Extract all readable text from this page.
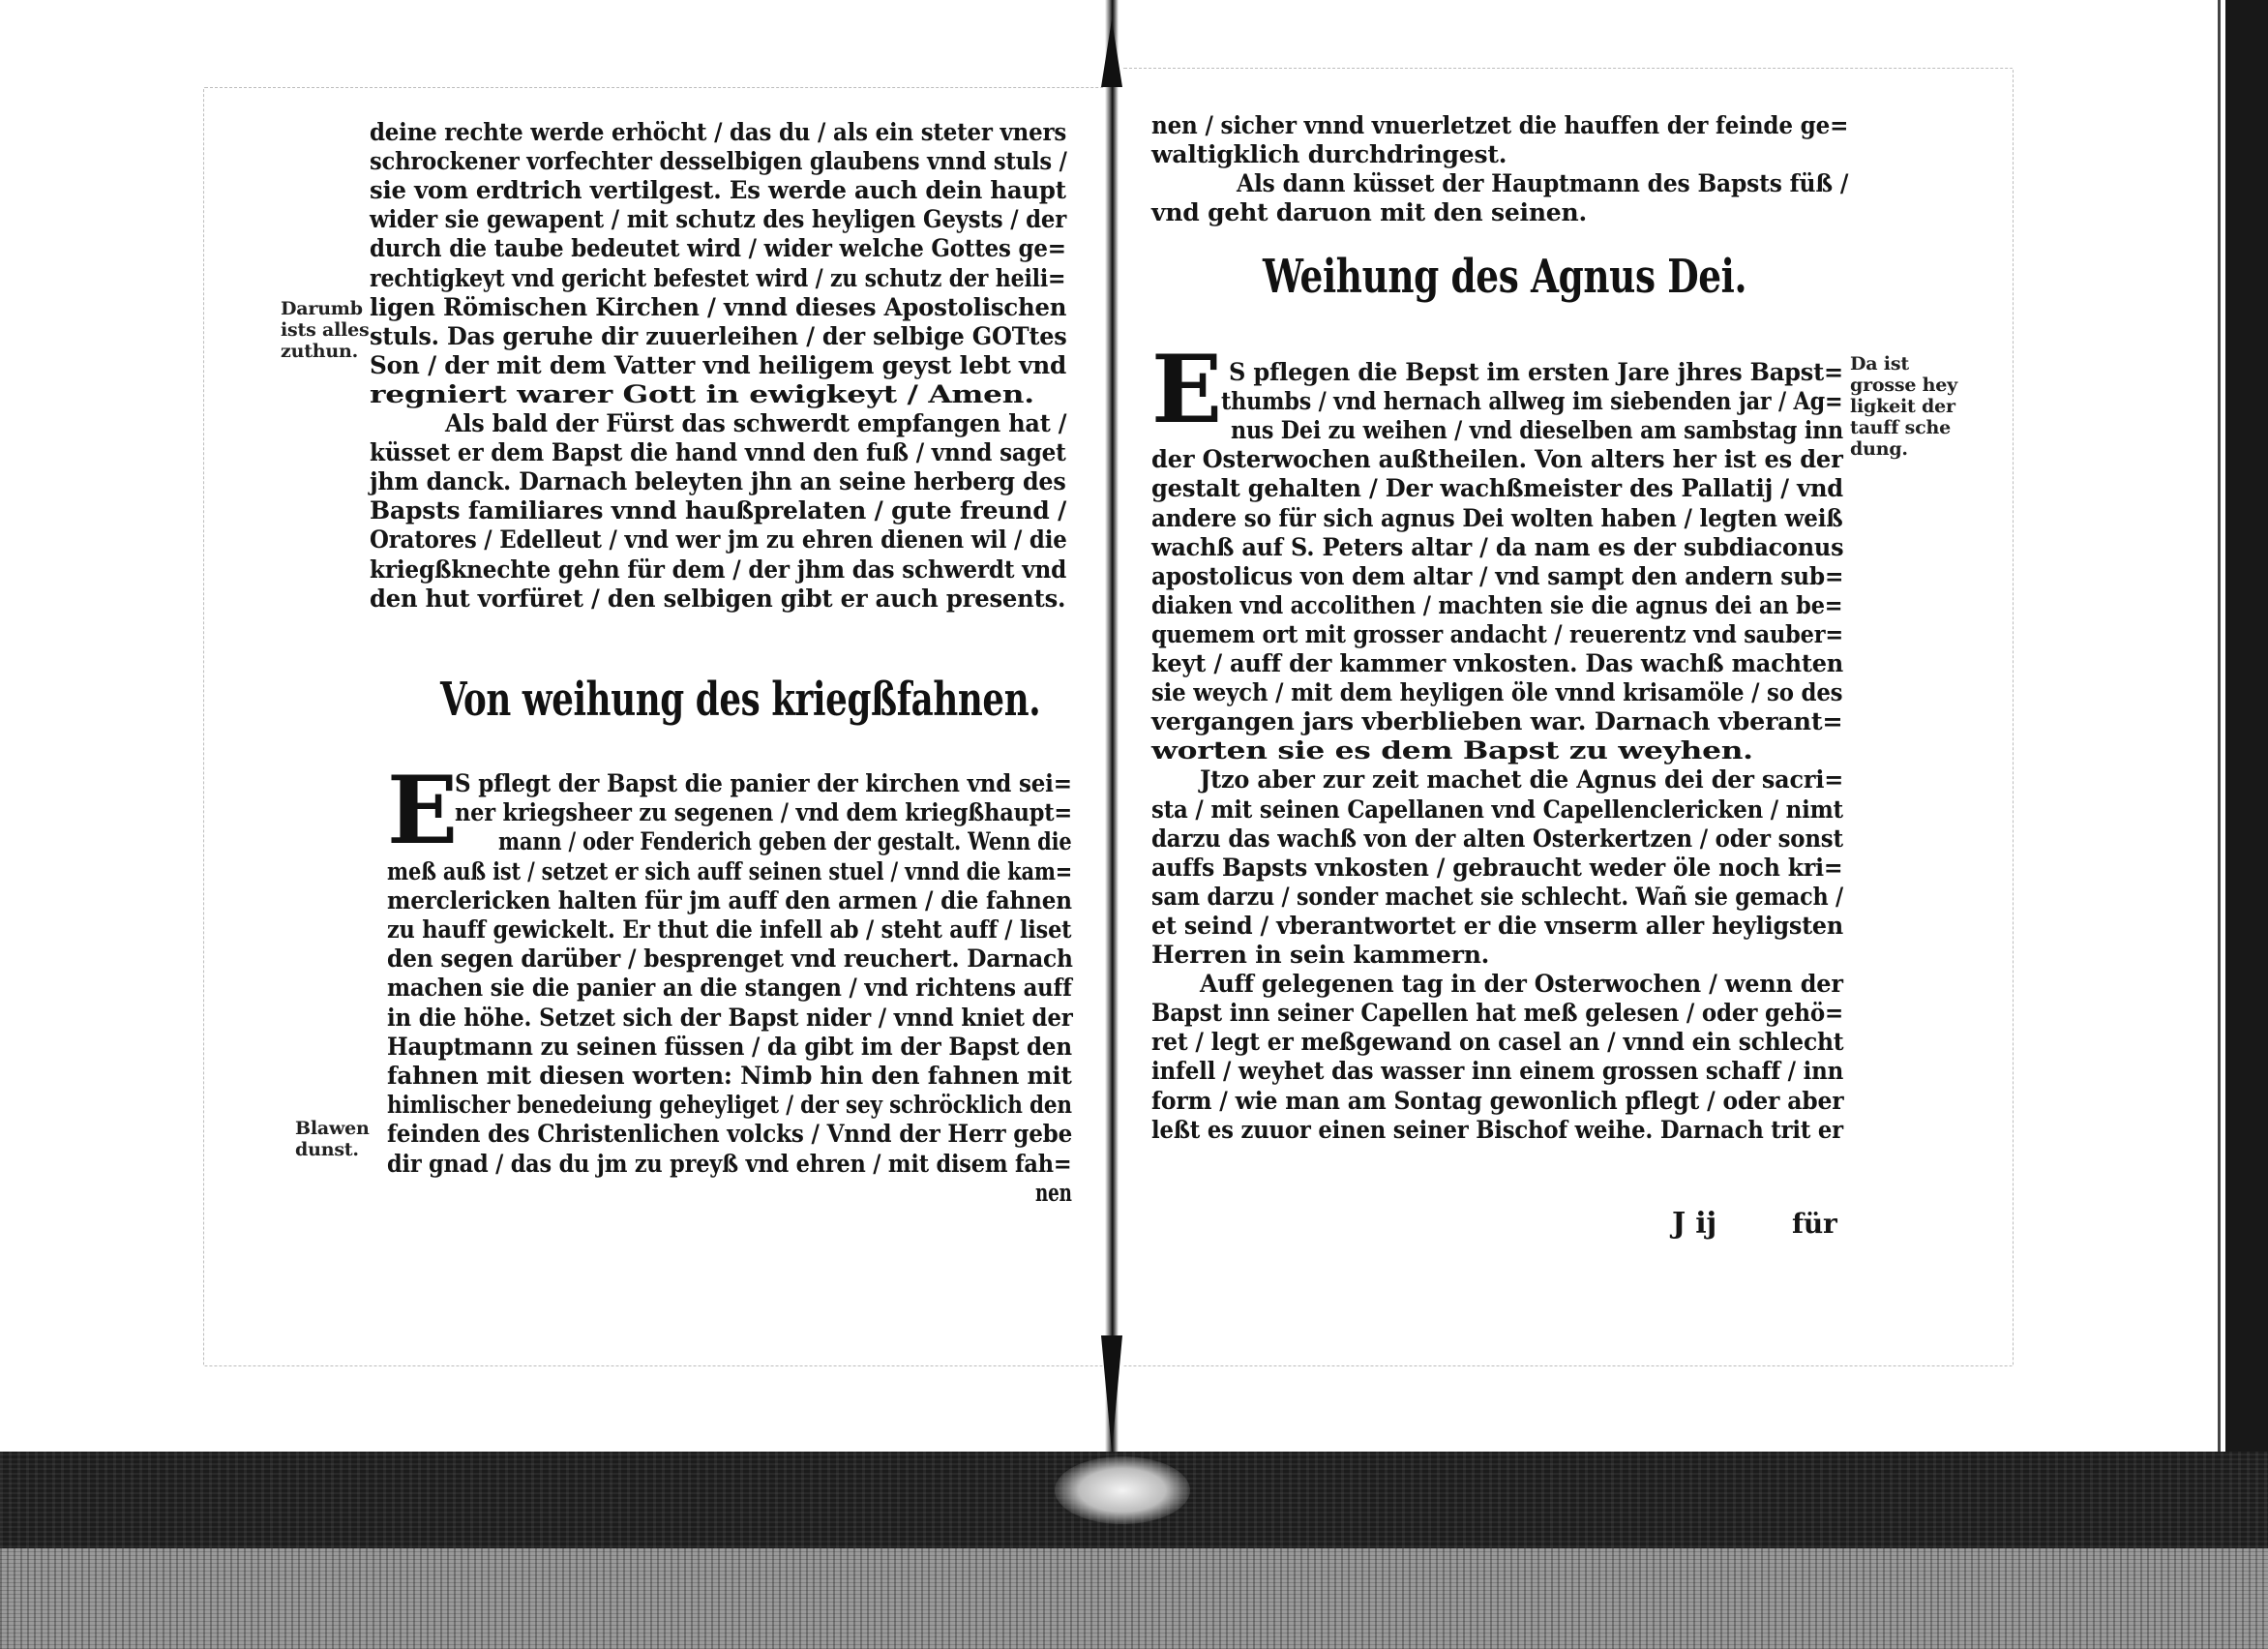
deine rechte werde erhöcht / das du / als ein steter vners
schrockener vorfechter desselbigen glaubens vnnd stuls /
sie vom erdtrich vertilgest. Es werde auch dein haupt
wider sie gewapent / mit schutz des heyligen Geysts / der
durch die taube bedeutet wird / wider welche Gottes ge=
rechtigkeyt vnd gericht befestet wird / zu schutz der heili=
ligen Römischen Kirchen / vnnd dieses Apostolischen
stuls. Das geruhe dir zuuerleihen / der selbige GOTtes
Son / der mit dem Vatter vnd heiligem geyst lebt vnd
regniert warer Gott in ewigkeyt / Amen.
Als bald der Fürst das schwerdt empfangen hat /
küsset er dem Bapst die hand vnnd den fuß / vnnd saget
jhm danck. Darnach beleyten jhn an seine herberg des
Bapsts familiares vnnd haußprelaten / gute freund /
Oratores / Edelleut / vnd wer jm zu ehren dienen wil / die
kriegßknechte gehn für dem / der jhm das schwerdt vnd
den hut vorfüret / den selbigen gibt er auch presents.
Von weihung des kriegßfahnen.
E
S pflegt der Bapst die panier der kirchen vnd sei=
ner kriegsheer zu segenen / vnd dem kriegßhaupt=
mann / oder Fenderich geben der gestalt. Wenn die
meß auß ist / setzet er sich auff seinen stuel / vnnd die kam=
merclericken halten für jm auff den armen / die fahnen
zu hauff gewickelt. Er thut die infell ab / steht auff / liset
den segen darüber / besprenget vnd reuchert. Darnach
machen sie die panier an die stangen / vnd richtens auff
in die höhe. Setzet sich der Bapst nider / vnnd kniet der
Hauptmann zu seinen füssen / da gibt im der Bapst den
fahnen mit diesen worten: Nimb hin den fahnen mit
himlischer benedeiung geheyliget / der sey schröcklich den
feinden des Christenlichen volcks / Vnnd der Herr gebe
dir gnad / das du jm zu preyß vnd ehren / mit disem fah=
nen
Darumb
ists alles
zuthun.
Blawen
dunst.
nen / sicher vnnd vnuerletzet die hauffen der feinde ge=
waltigklich durchdringest.
Als dann küsset der Hauptmann des Bapsts füß /
vnd geht daruon mit den seinen.
Weihung des Agnus Dei.
E S pflegen die Bepst im ersten Jare jhres Bapst=
thumbs / vnd hernach allweg im siebenden jar / Ag=
nus Dei zu weihen / vnd dieselben am sambstag inn
der Osterwochen außtheilen. Von alters her ist es der
gestalt gehalten / Der wachßmeister des Pallatij / vnd
andere so für sich agnus Dei wolten haben / legten weiß
wachß auf S. Peters altar / da nam es der subdiaconus
apostolicus von dem altar / vnd sampt den andern sub=
diaken vnd accolithen / machten sie die agnus dei an be=
quemem ort mit grosser andacht / reuerentz vnd sauber=
keyt / auff der kammer vnkosten. Das wachß machten
sie weych / mit dem heyligen öle vnnd krisamöle / so des
vergangen jars vberblieben war. Darnach vberant=
worten sie es dem Bapst zu weyhen.
Jtzo aber zur zeit machet die Agnus dei der sacri=
sta / mit seinen Capellanen vnd Capellenclericken / nimt
darzu das wachß von der alten Osterkertzen / oder sonst
auffs Bapsts vnkosten / gebraucht weder öle noch kri=
sam darzu / sonder machet sie schlecht. Wañ sie gemach /
et seind / vberantwortet er die vnserm aller heyligsten
Herren in sein kammern.
Auff gelegenen tag in der Osterwochen / wenn der
Bapst inn seiner Capellen hat meß gelesen / oder gehö=
ret / legt er meßgewand on casel an / vnnd ein schlecht
infell / weyhet das wasser inn einem grossen schaff / inn
form / wie man am Sontag gewonlich pflegt / oder aber
leßt es zuuor einen seiner Bischof weihe. Darnach trit er
Da ist
grosse hey
ligkeit der
tauff sche
dung.
J ij	für
